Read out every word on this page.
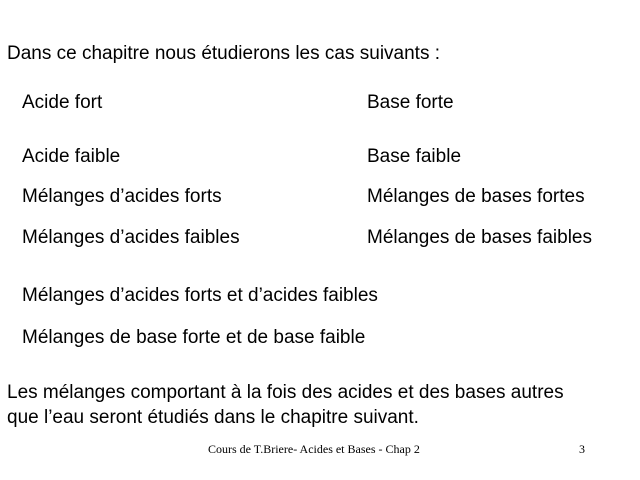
Dans ce chapitre nous étudierons les cas suivants :
Acide fort	Base forte
Acide faible	Base faible
Mélanges d’acides forts	Mélanges de bases fortes
Mélanges d’acides faibles	Mélanges de bases faibles
Mélanges d’acides forts et d’acides faibles
Mélanges de base forte et de base faible
Les mélanges comportant à la fois des acides et des bases autres que l’eau seront étudiés dans le chapitre suivant.
Cours de T.Briere- Acides et Bases - Chap 2	3
